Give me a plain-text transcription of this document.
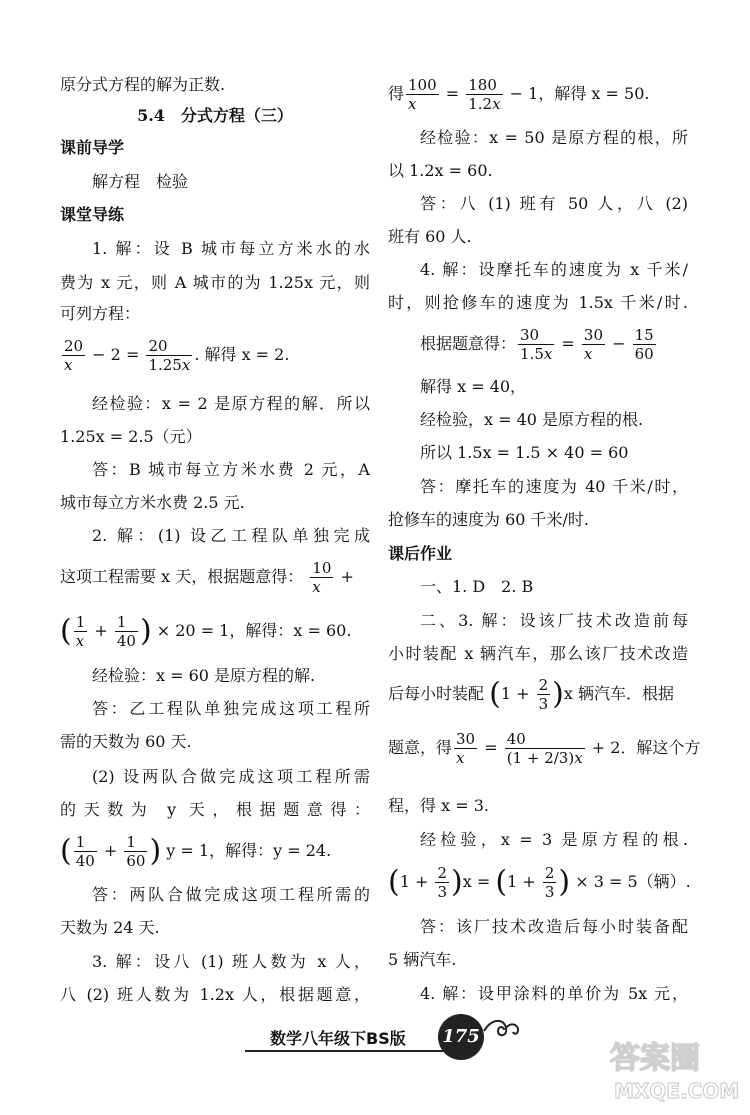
原分式方程的解为正数.
5.4　分式方程（三）
课前导学
解方程　检验
课堂导练
1. 解：设 B 城市每立方米水的水
费为 x 元，则 A 城市的为 1.25x 元，则
可列方程：
$\frac{20}{x} - 2 = \frac{20}{1.25x}$ . 解得 x = 2.
经检验：x = 2 是原方程的解．所以
1.25x = 2.5（元）
答：B 城市每立方米水费 2 元，A
城市每立方米水费 2.5 元.
2. 解：(1) 设乙工程队单独完成
这项工程需要 x 天，根据题意得： $\frac{10}{x}$ +
( $\frac{1}{x} + \frac{1}{40}$ ) × 20 = 1，解得：x = 60.
经检验：x = 60 是原方程的解.
答：乙工程队单独完成这项工程所
需的天数为 60 天.
(2) 设两队合做完成这项工程所需
的天数为 y 天，根据题意得：
( $\frac{1}{40} + \frac{1}{60}$ ) y = 1，解得：y = 24.
答：两队合做完成这项工程所需的
天数为 24 天.
3. 解：设八 (1) 班人数为 x 人，
八 (2) 班人数为 1.2x 人，根据题意，
得 $\frac{100}{x} = \frac{180}{1.2x} - 1$，解得 x = 50.
经检验：x = 50 是原方程的根，所
以 1.2x = 60.
答：八 (1) 班有 50 人，八 (2)
班有 60 人.
4. 解：设摩托车的速度为 x 千米/
时，则抢修车的速度为 1.5x 千米/时.
根据题意得： $\frac{30}{1.5x} = \frac{30}{x} - \frac{15}{60}$
解得 x = 40，
经检验，x = 40 是原方程的根.
所以 1.5x = 1.5 × 40 = 60
答：摩托车的速度为 40 千米/时，
抢修车的速度为 60 千米/时.
课后作业
一、1. D　2. B
二、3. 解：设该厂技术改造前每
小时装配 x 辆汽车，那么该厂技术改造
后每小时装配 $(1 + \frac{2}{3} )x$ 辆汽车．根据
题意，得 $\frac{30}{x} = \frac{40}{(1 + 2/3)x} + 2$．解这个方
程，得 x = 3.
经检验，x = 3 是原方程的根.
$(1 + \frac{2}{3} )x = (1 + \frac{2}{3}$ ) × 3 = 5（辆）.
答：该厂技术改造后每小时装备配
5 辆汽车.
4. 解：设甲涂料的单价为 5x 元，
数学八年级下BS版 175
答案圈
MXQE.COM
